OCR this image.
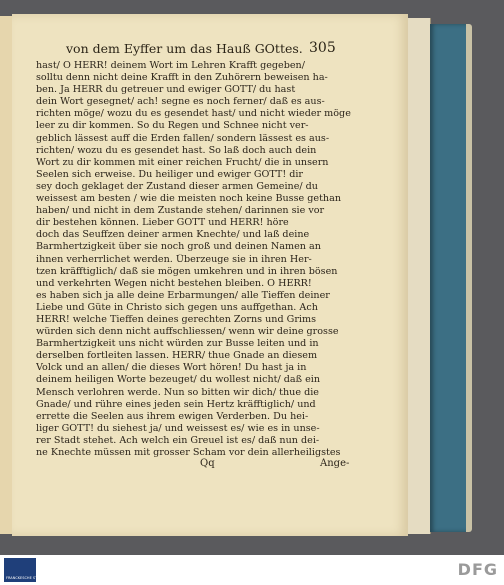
von dem Eyffer um das Hauß GOttes. 305
hast/ O HERR! deinem Wort im Lehren Krafft gegeben/
solltu denn nicht deine Krafft in den Zuhörern beweisen ha-
ben. Ja HERR du getreuer und ewiger GOTT/ du hast
dein Wort gesegnet/ ach! segne es noch ferner/ daß es aus-
richten möge/ wozu du es gesendet hast/ und nicht wieder möge
leer zu dir kommen. So du Regen und Schnee nicht ver-
geblich lässest auff die Erden fallen/ sondern lässest es aus-
richten/ wozu du es gesendet hast. So laß doch auch dein
Wort zu dir kommen mit einer reichen Frucht/ die in unsern
Seelen sich erweise. Du heiliger und ewiger GOTT! dir
sey doch geklaget der Zustand dieser armen Gemeine/ du
weissest am besten / wie die meisten noch keine Busse gethan
haben/ und nicht in dem Zustande stehen/ darinnen sie vor
dir bestehen können. Lieber GOTT und HERR! höre
doch das Seuffzen deiner armen Knechte/ und laß deine
Barmhertzigkeit über sie noch groß und deinen Namen an
ihnen verherrlichet werden. Überzeuge sie in ihren Her-
tzen kräfftiglich/ daß sie mögen umkehren und in ihren bösen
und verkehrten Wegen nicht bestehen bleiben. O HERR!
es haben sich ja alle deine Erbarmungen/ alle Tieffen deiner
Liebe und Güte in Christo sich gegen uns auffgethan. Ach
HERR! welche Tieffen deines gerechten Zorns und Grims
würden sich denn nicht auffschliessen/ wenn wir deine grosse
Barmhertzigkeit uns nicht würden zur Busse leiten und in
derselben fortleiten lassen. HERR/ thue Gnade an diesem
Volck und an allen/ die dieses Wort hören! Du hast ja in
deinem heiligen Worte bezeuget/ du wollest nicht/ daß ein
Mensch verlohren werde. Nun so bitten wir dich/ thue die
Gnade/ und rühre eines jeden sein Hertz kräfftiglich/ und
errette die Seelen aus ihrem ewigen Verderben. Du hei-
liger GOTT! du siehest ja/ und weissest es/ wie es in unse-
rer Stadt stehet. Ach welch ein Greuel ist es/ daß nun dei-
ne Knechte müssen mit grosser Scham vor dein allerheiligstes
Qq	Ange-
FRANCKESCHE STIFTUNGEN	DFG
